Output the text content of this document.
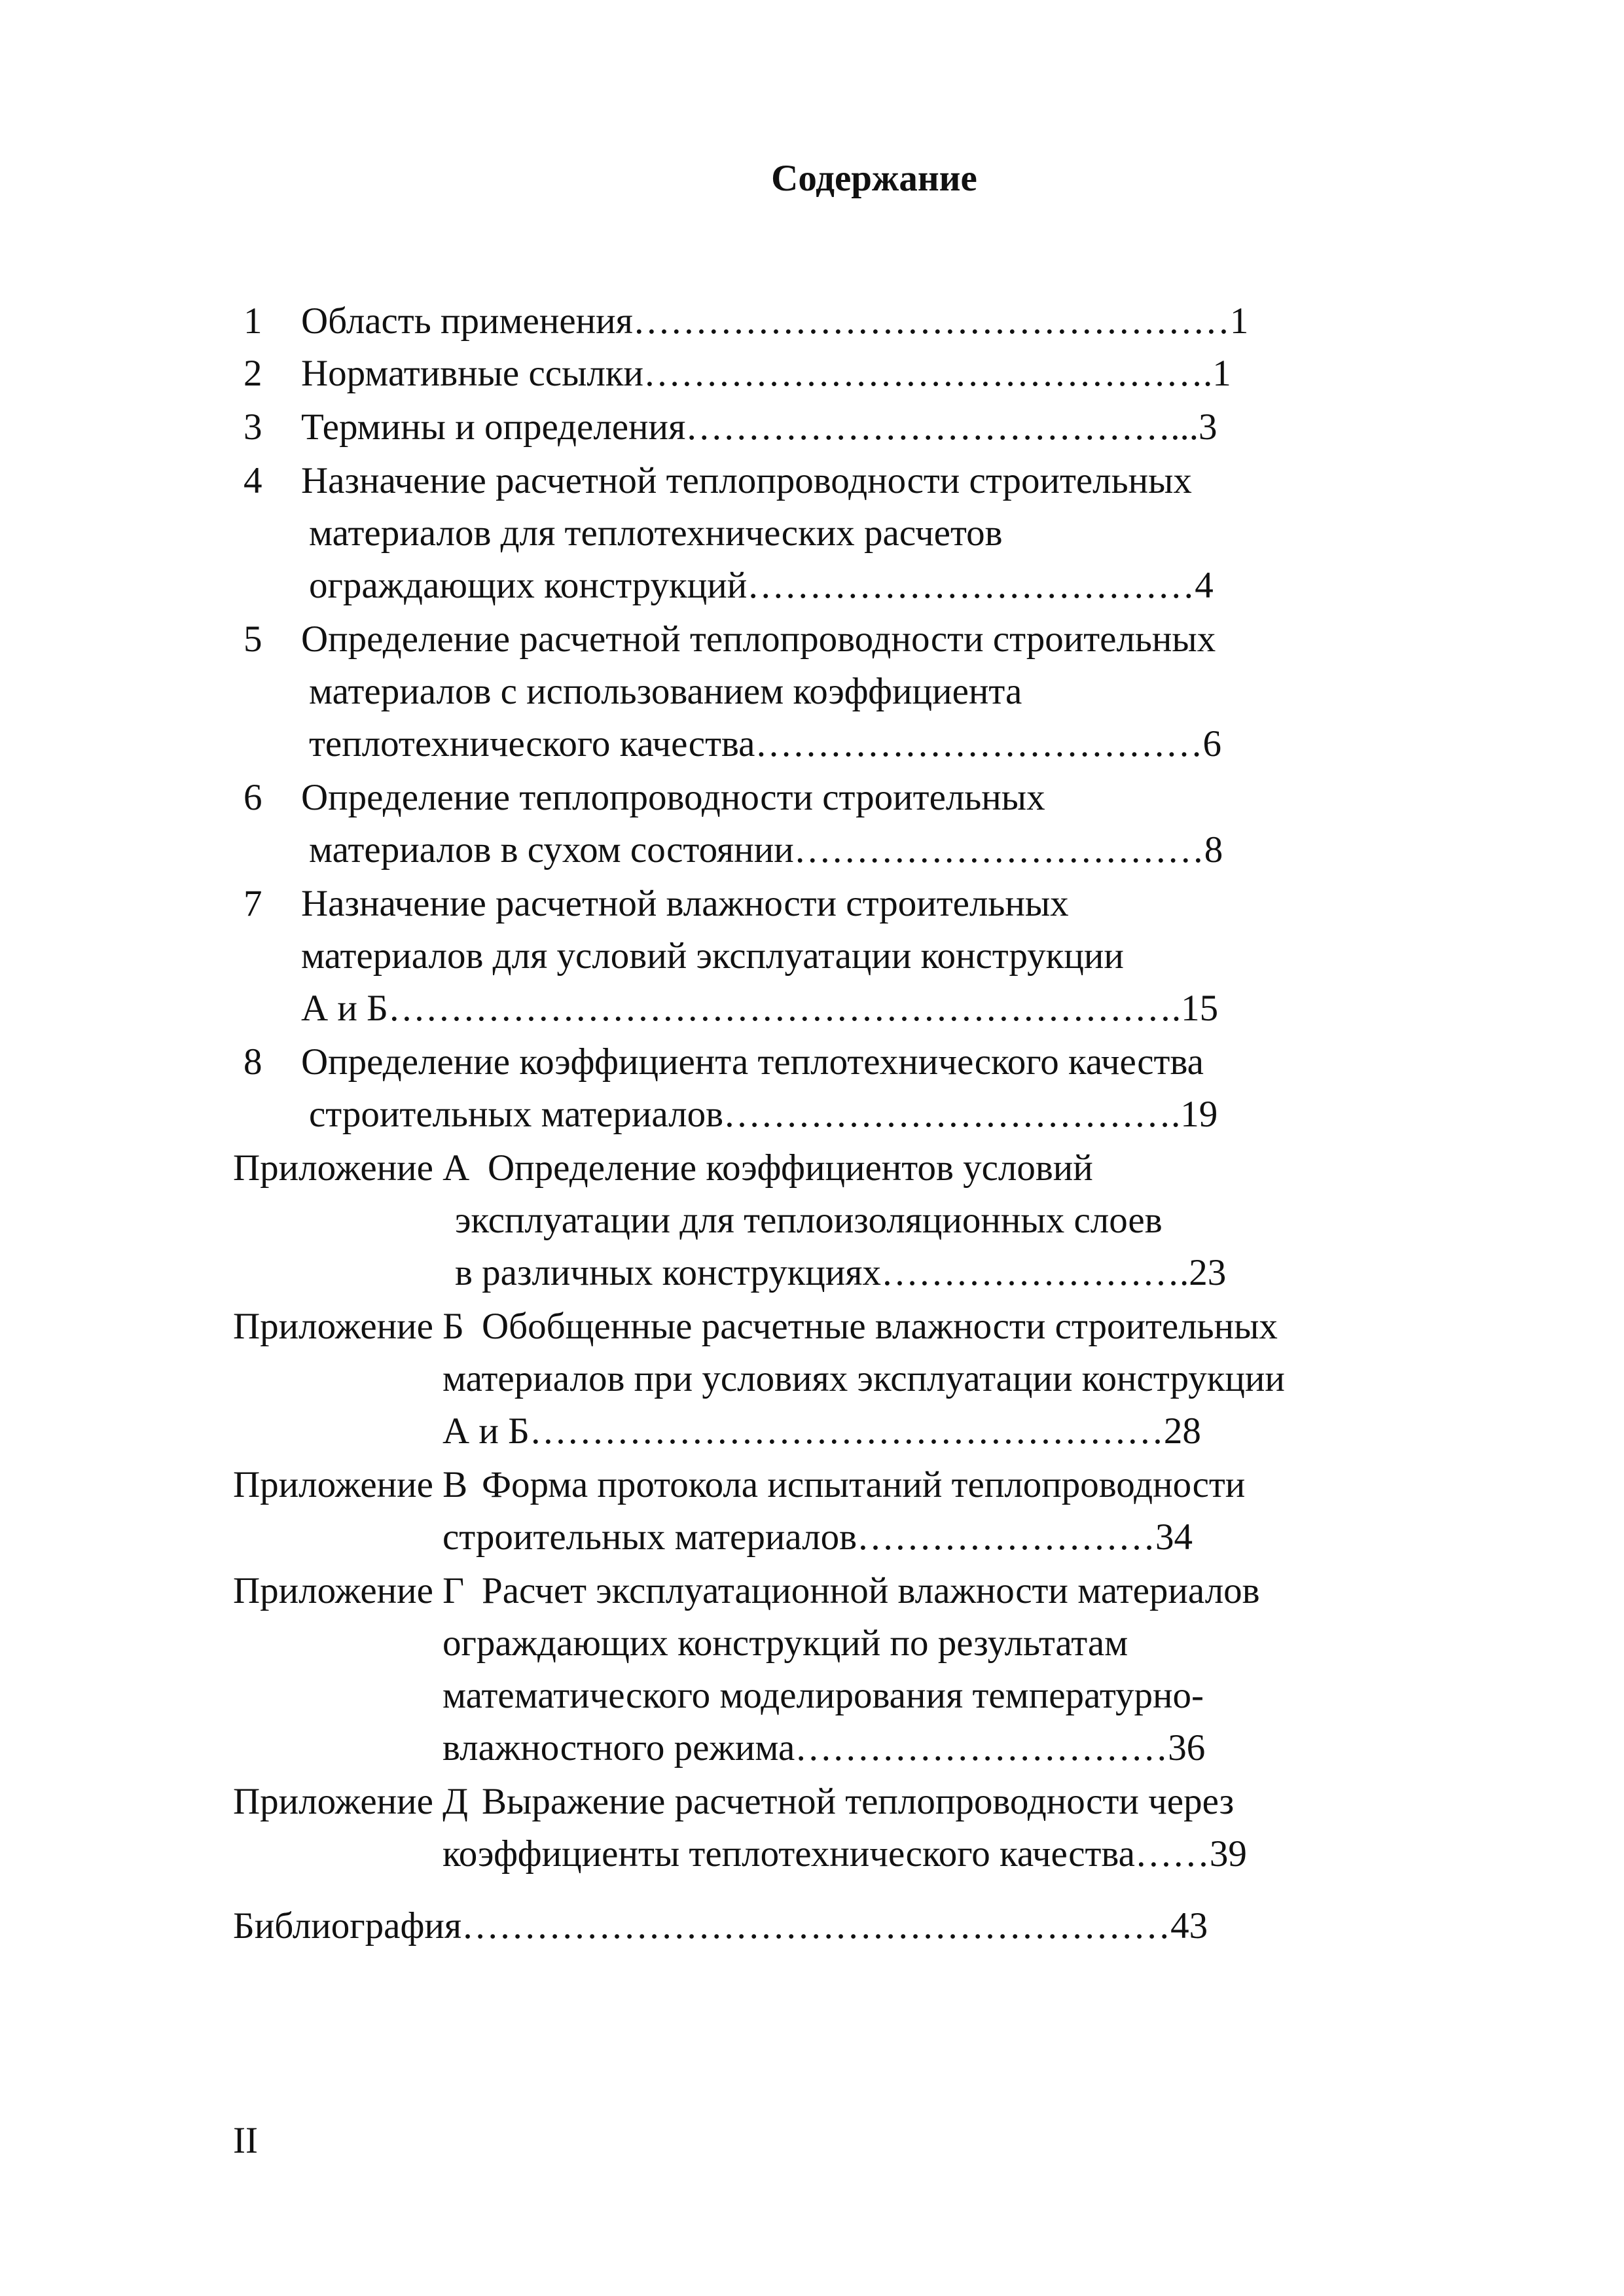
Содержание
1 Область применения…………………………………………1
2 Нормативные ссылки……………………………………….1
3 Термины и определения…………………………………...3
4 Назначение расчетной теплопроводности строительных
материалов для теплотехнических расчетов
ограждающих конструкций………………………………4
5 Определение расчетной теплопроводности строительных
материалов с использованием коэффициента
теплотехнического качества………………………………6
6 Определение теплопроводности строительных
материалов в сухом состоянии……………………………8
7 Назначение расчетной влажности строительных
материалов для условий эксплуатации конструкции
А и Б……………………………………………………….15
8 Определение коэффициента теплотехнического качества
строительных материалов……………………………….19
Приложение А Определение коэффициентов условий
эксплуатации для теплоизоляционных слоев
в различных конструкциях…………………….23
Приложение Б Обобщенные расчетные влажности строительных
материалов при условиях эксплуатации конструкции
А и Б……………………………………………28
Приложение В Форма протокола испытаний теплопроводности
строительных материалов……………………34
Приложение Г Расчет эксплуатационной влажности материалов
ограждающих конструкций по результатам
математического моделирования температурно-
влажностного режима…………………………36
Приложение Д Выражение расчетной теплопроводности через
коэффициенты теплотехнического качества……39
Библиография…………………………………………………43
II
